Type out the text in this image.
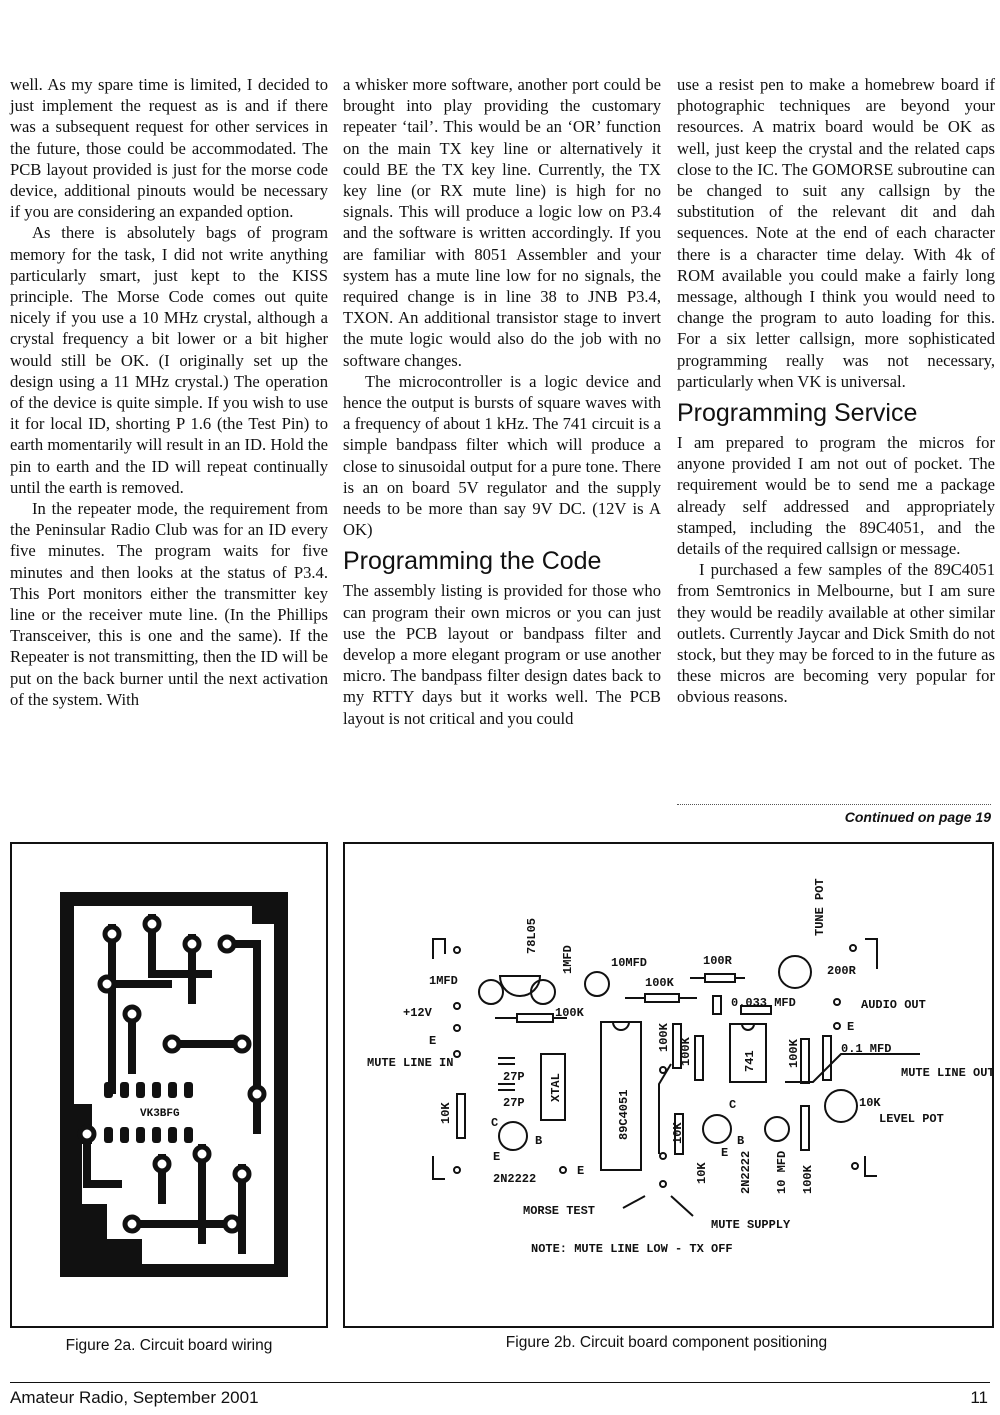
well. As my spare time is limited, I decided to just implement the request as is and if there was a subsequent request for other services in the future, those could be accommodated. The PCB layout provided is just for the morse code device, additional pinouts would be necessary if you are considering an expanded option.

As there is absolutely bags of program memory for the task, I did not write anything particularly smart, just kept to the KISS principle. The Morse Code comes out quite nicely if you use a 10 MHz crystal, although a crystal frequency a bit lower or a bit higher would still be OK. (I originally set up the design using a 11 MHz crystal.) The operation of the device is quite simple. If you wish to use it for local ID, shorting P 1.6 (the Test Pin) to earth momentarily will result in an ID. Hold the pin to earth and the ID will repeat continually until the earth is removed.

In the repeater mode, the requirement from the Peninsular Radio Club was for an ID every five minutes. The program waits for five minutes and then looks at the status of P3.4. This Port monitors either the transmitter key line or the receiver mute line. (In the Phillips Transceiver, this is one and the same). If the Repeater is not transmitting, then the ID will be put on the back burner until the next activation of the system. With

a whisker more software, another port could be brought into play providing the customary repeater ‘tail’. This would be an ‘OR’ function on the main TX key line or alternatively it could BE the TX key line. Currently, the TX key line (or RX mute line) is high for no signals. This will produce a logic low on P3.4 and the software is written accordingly. If you are familiar with 8051 Assembler and your system has a mute line low for no signals, the required change is in line 38 to JNB P3.4, TXON. An additional transistor stage to invert the mute logic would also do the job with no software changes.

The microcontroller is a logic device and hence the output is bursts of square waves with a frequency of about 1 kHz. The 741 circuit is a simple bandpass filter which will produce a close to sinusoidal output for a pure tone. There is an on board 5V regulator and the supply needs to be more than say 9V DC. (12V is A OK)

Programming the Code

The assembly listing is provided for those who can program their own micros or you can just use the PCB layout or bandpass filter and develop a more elegant program or use another micro. The bandpass filter design dates back to my RTTY days but it works well. The PCB layout is not critical and you could

use a resist pen to make a homebrew board if photographic techniques are beyond your resources. A matrix board would be OK as well, just keep the crystal and the related caps close to the IC. The GOMORSE subroutine can be changed to suit any callsign by the substitution of the relevant dit and dah sequences. Note at the end of each character there is a character time delay. With 4k of ROM available you could make a fairly long message, although I think you would need to change the program to auto loading for this. For a six letter callsign, more sophisticated programming really was not necessary, particularly when VK is universal.

Programming Service

I am prepared to program the micros for anyone provided I am not out of pocket. The requirement would be to send me a package already self addressed and appropriately stamped, including the 89C4051, and the details of the required callsign or message.

I purchased a few samples of the 89C4051 from Semtronics in Melbourne, but I am sure they would be readily available at other similar outlets. Currently Jaycar and Dick Smith do not stock, but they may be forced to in the future as these micros are becoming very popular for obvious reasons.

Continued on page 19
VK3BFG
78L05	TUNE POT
1MFD
1MFD	10MFD	100R
100K
200R
+12V	100K
0.033 MFD	AUDIO OUT
E
E
MUTE LINE IN
27P
27P
XTAL
89C4051
100K 100K	741	100K	0.1 MFD
MUTE LINE OUT
10K	10K
LEVEL POT
C
B
E
2N2222
E
10K
C
B
E
10K	2N2222 10 MFD 100K
MORSE TEST
MUTE SUPPLY
NOTE: MUTE LINE LOW - TX OFF
Figure 2a. Circuit board wiring	Figure 2b. Circuit board component positioning
Amateur Radio, September 2001	11
